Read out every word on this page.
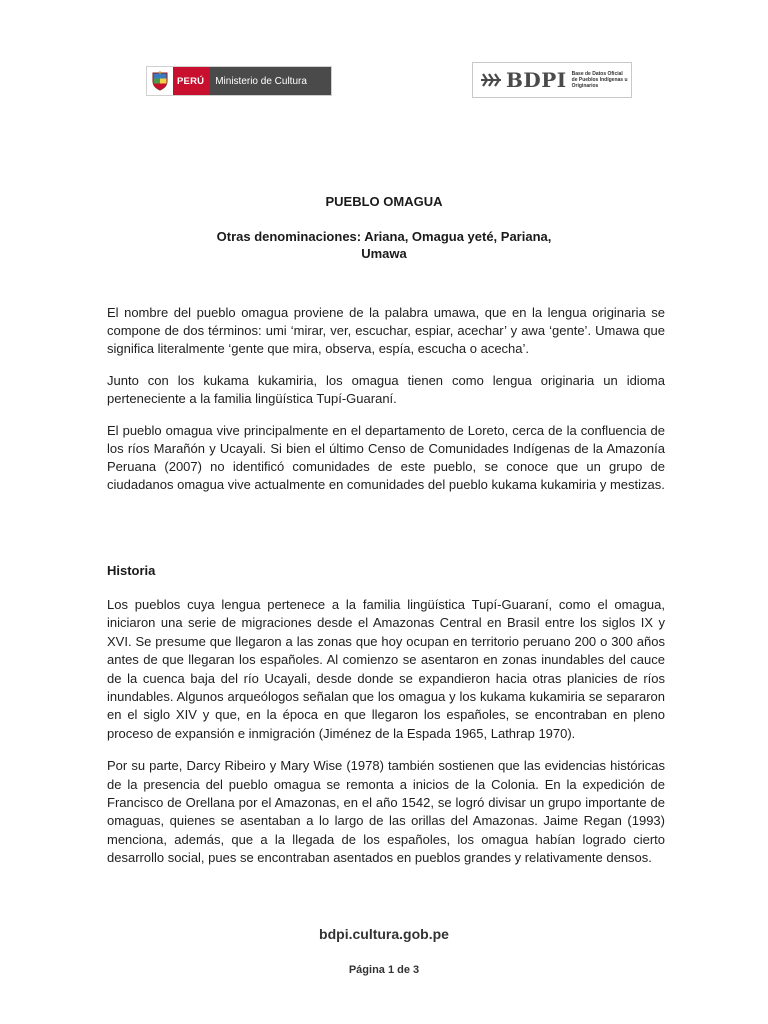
PERÚ	Ministerio de Cultura	BDPI Base de Datos Oficial de Pueblos Indígenas u Originarios
PUEBLO OMAGUA
Otras denominaciones: Ariana, Omagua yeté, Pariana, Umawa

El nombre del pueblo omagua proviene de la palabra umawa, que en la lengua originaria se compone de dos términos: umi ‘mirar, ver, escuchar, espiar, acechar’ y awa ‘gente’. Umawa que significa literalmente ‘gente que mira, observa, espía, escucha o acecha’.

Junto con los kukama kukamiria, los omagua tienen como lengua originaria un idioma perteneciente a la familia lingüística Tupí-Guaraní.

El pueblo omagua vive principalmente en el departamento de Loreto, cerca de la confluencia de los ríos Marañón y Ucayali. Si bien el último Censo de Comunidades Indígenas de la Amazonía Peruana (2007) no identificó comunidades de este pueblo, se conoce que un grupo de ciudadanos omagua vive actualmente en comunidades del pueblo kukama kukamiria y mestizas.

Historia

Los pueblos cuya lengua pertenece a la familia lingüística Tupí-Guaraní, como el omagua, iniciaron una serie de migraciones desde el Amazonas Central en Brasil entre los siglos IX y XVI. Se presume que llegaron a las zonas que hoy ocupan en territorio peruano 200 o 300 años antes de que llegaran los españoles. Al comienzo se asentaron en zonas inundables del cauce de la cuenca baja del río Ucayali, desde donde se expandieron hacia otras planicies de ríos inundables. Algunos arqueólogos señalan que los omagua y los kukama kukamiria se separaron en el siglo XIV y que, en la época en que llegaron los españoles, se encontraban en pleno proceso de expansión e inmigración (Jiménez de la Espada 1965, Lathrap 1970).

Por su parte, Darcy Ribeiro y Mary Wise (1978) también sostienen que las evidencias históricas de la presencia del pueblo omagua se remonta a inicios de la Colonia. En la expedición de Francisco de Orellana por el Amazonas, en el año 1542, se logró divisar un grupo importante de omaguas, quienes se asentaban a lo largo de las orillas del Amazonas. Jaime Regan (1993) menciona, además, que a la llegada de los españoles, los omagua habían logrado cierto desarrollo social, pues se encontraban asentados en pueblos grandes y relativamente densos.

bdpi.cultura.gob.pe

Página 1 de 3
